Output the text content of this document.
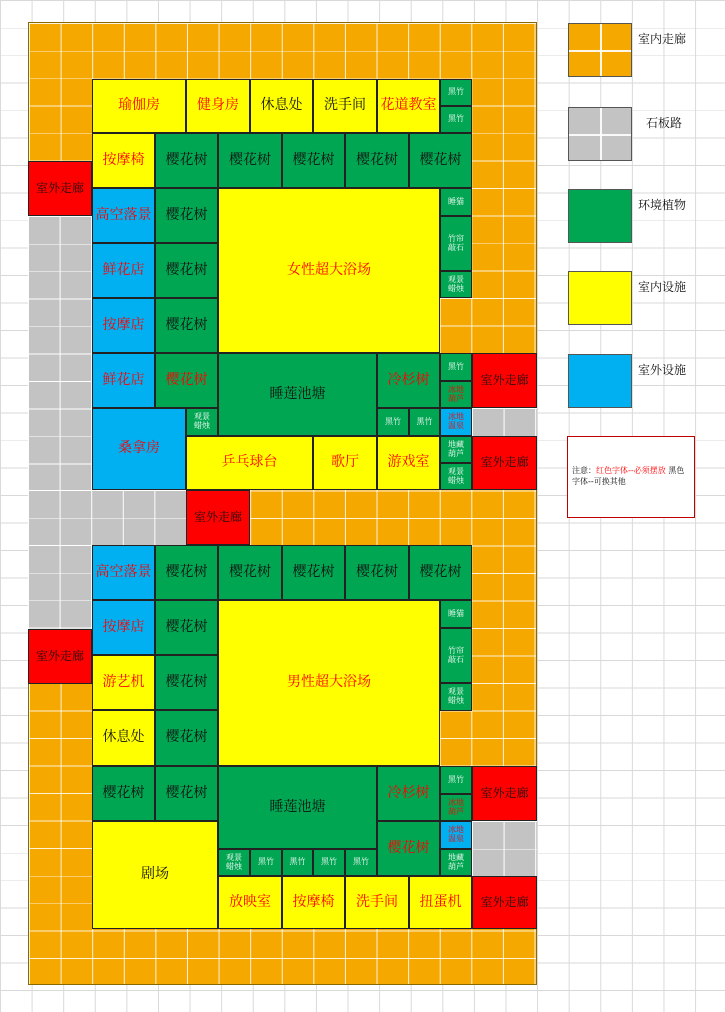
瑜伽房	健身房	休息处	洗手间	花道教室
黑竹
黑竹
按摩椅	樱花树	樱花树	樱花树	樱花树	樱花树
室外走廊
高空落景
鲜花店
按摩店
鲜花店
樱花树
樱花树
樱花树
樱花树
女性超大浴场
睡猫
竹帘
敲石
观景
蜡烛
睡莲池塘
冷杉树
黑竹
冰地
葫芦
室外走廊
桑拿房
观景
蜡烛	黑竹	黑竹	冰地
温泉
乒乓球台	歌厅	游戏室
地藏
葫芦
观景
蜡烛
室外走廊
室外走廊
高空落景	樱花树	樱花树	樱花树	樱花树	樱花树
按摩店
游艺机
休息处
室外走廊
樱花树
樱花树
樱花树
男性超大浴场
睡猫
竹帘
敲石
观景
蜡烛
樱花树	樱花树
睡莲池塘
冷杉树
黑竹
冰地
葫芦
室外走廊
剧场
樱花树
冰地
温泉
地藏
葫芦
观景
蜡烛	黑竹	黑竹	黑竹	黑竹
放映室	按摩椅	洗手间	扭蛋机	室外走廊
室内走廊
石板路
环境植物
室内设施
室外设施
注意：红色字体--必须摆放 黑色字体--可换其他
